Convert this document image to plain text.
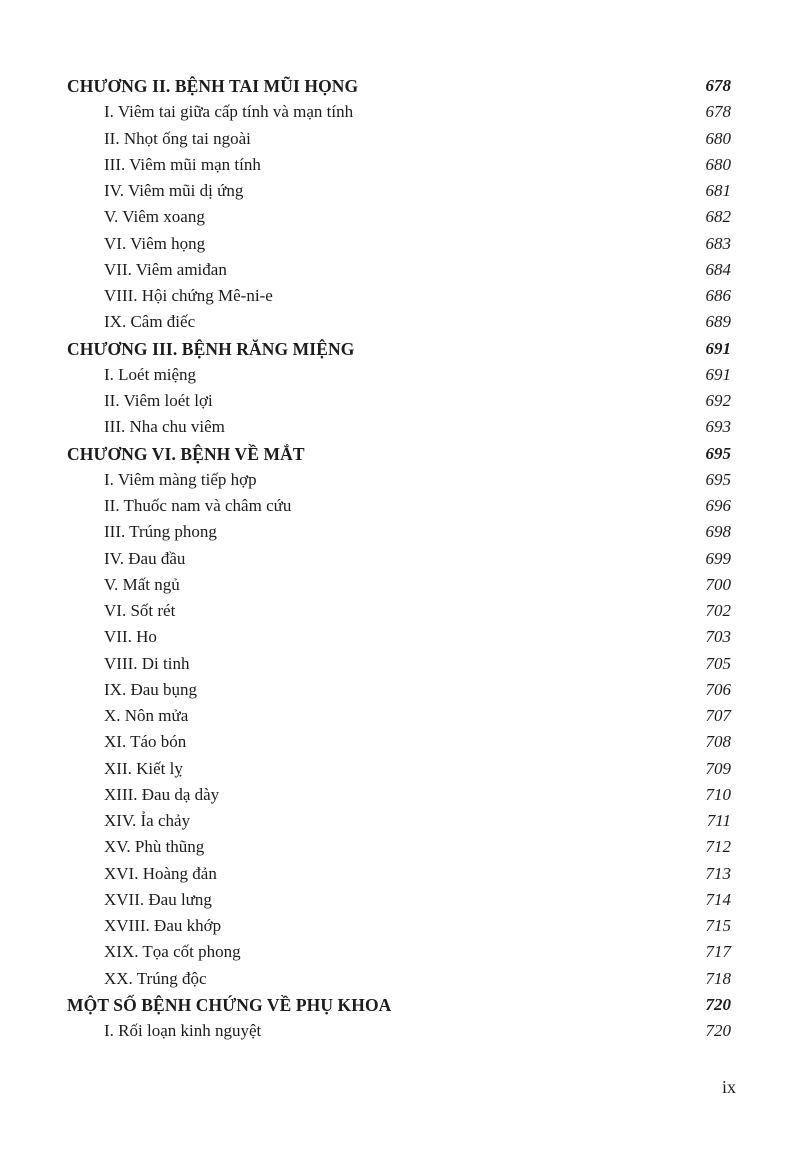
CHƯƠNG II. BỆNH TAI MŨI HỌNG	678
I. Viêm tai giữa cấp tính và mạn tính	678
II. Nhọt ống tai ngoài	680
III. Viêm mũi mạn tính	680
IV. Viêm mũi dị ứng	681
V. Viêm xoang	682
VI. Viêm họng	683
VII. Viêm amiđan	684
VIII. Hội chứng Mê-ni-e	686
IX. Câm điếc	689
CHƯƠNG III. BỆNH RĂNG MIỆNG	691
I. Loét miệng	691
II. Viêm loét lợi	692
III. Nha chu viêm	693
CHƯƠNG VI. BỆNH VỀ MẮT	695
I. Viêm màng tiếp hợp	695
II. Thuốc nam và châm cứu	696
III. Trúng phong	698
IV. Đau đầu	699
V. Mất ngủ	700
VI. Sốt rét	702
VII. Ho	703
VIII. Di tinh	705
IX. Đau bụng	706
X. Nôn mửa	707
XI. Táo bón	708
XII. Kiết lỵ	709
XIII. Đau dạ dày	710
XIV. Ỉa chảy	711
XV. Phù thũng	712
XVI. Hoàng đản	713
XVII. Đau lưng	714
XVIII. Đau khớp	715
XIX. Tọa cốt phong	717
XX. Trúng độc	718
MỘT SỐ BỆNH CHỨNG VỀ PHỤ KHOA	720
I. Rối loạn kinh nguyệt	720
ix
